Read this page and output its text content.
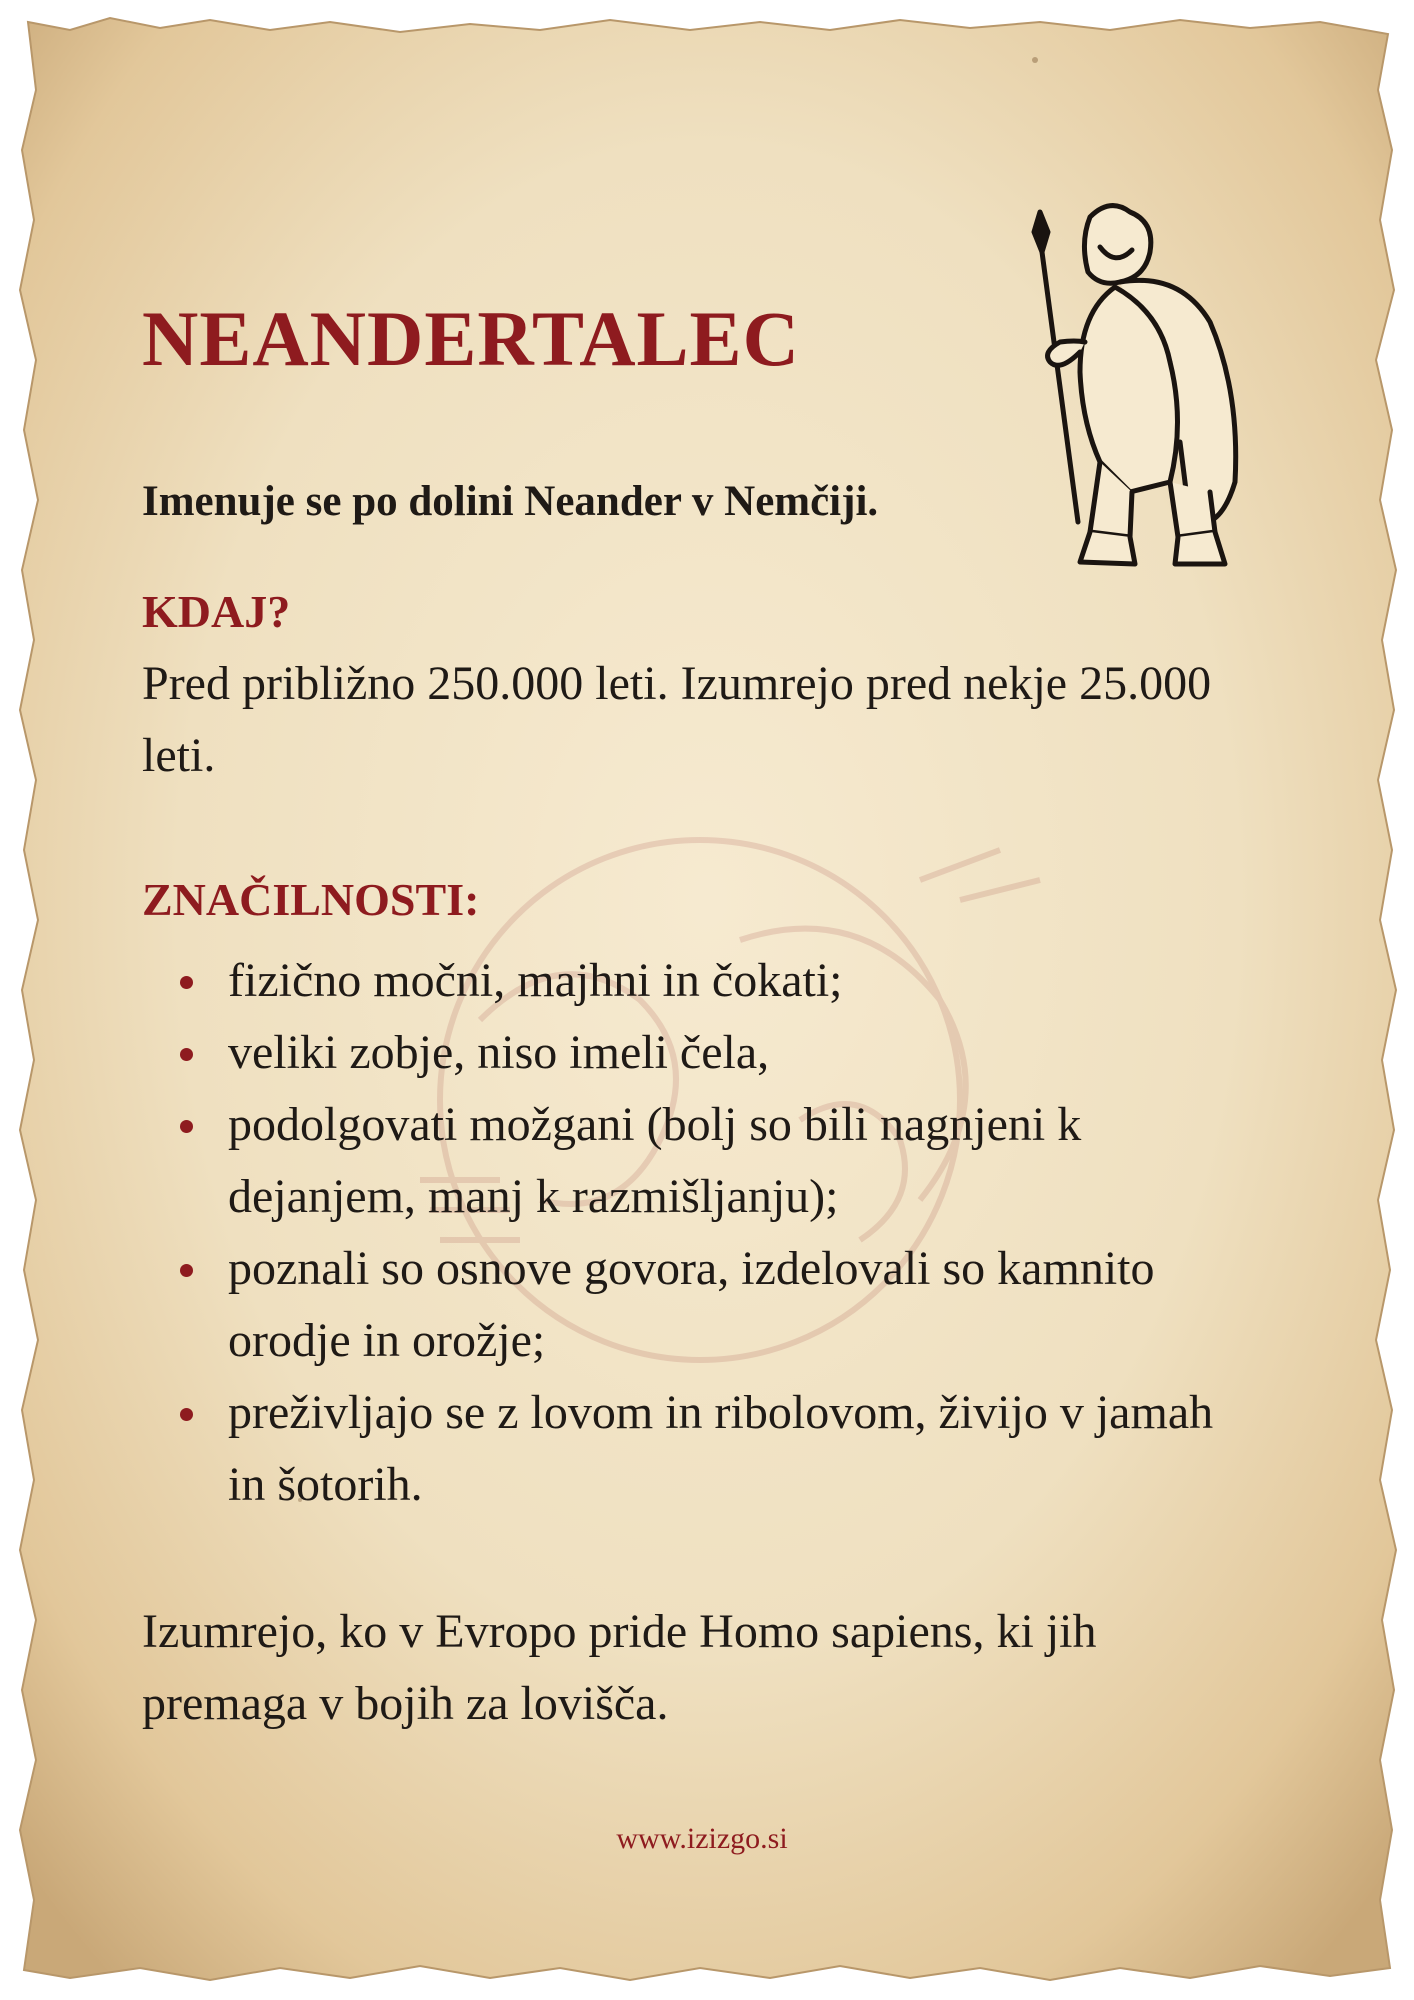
NEANDERTALEC

Imenuje se po dolini Neander v Nemčiji.

KDAJ?

Pred približno 250.000 leti. Izumrejo pred nekje 25.000 leti.

ZNAČILNOSTI:
fizično močni, majhni in čokati;
veliki zobje, niso imeli čela,
podolgovati možgani (bolj so bili nagnjeni k dejanjem, manj k razmišljanju);
poznali so osnove govora, izdelovali so kamnito orodje in orožje;
preživljajo se z lovom in ribolovom, živijo v jamah in šotorih.

Izumrejo, ko v Evropo pride Homo sapiens, ki jih premaga v bojih za lovišča.

www.izizgo.si
